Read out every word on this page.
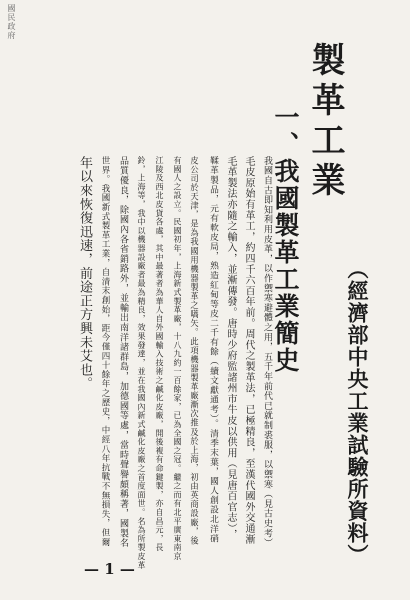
國民政府
製革工業
一、我國製革工業簡史
（經濟部中央工業試驗所資料）
我國自古即知利用皮革，以作禦寒避體之用，五千年前代已就制裘服，以禦寒（見古史考）
毛皮原始有革工，約四千六百年前。周代之製革法，已極精良，至漢代國外交通漸
毛革製法亦隨之輸入，並漸傳發。唐時少府監諸州市牛皮以供用（見唐百官志），
鞣革製品，元有軟皮局，熟造紅甸等皮二千有餘（續文獻通考）。清季末葉，國人創設北洋硝
皮公司於天津，是為我國用機器製革之嚆矢。此項機器製革廠漸次推及於上海，初由英商設廠，後
有國人之設立。民國初年，上海新式製革廠，十八九約一百餘家，已為全國之冠。繼之而有北平廣東南京
江陵及西北皮貨各處，其中最著者為華人自外國輸入技術之鹹化皮廠，開後複有命鍵製，亦自昌元，長
鈴，上海等，我中以機器設廠者最為精良，效果發達，並在我國內新式鹹化皮廠之首度面世。名為所製皮革
品質優良，除國內各省銷路外，並輸出南洋諸群島，加德國等處，當時聲譽頗稱著，國製名
世界。我國新式製革工業，自清末創始，距今僅四十餘年之歷史，中經八年抗戰不無損失，但爾
年以來恢復迅速，前途正方興未艾也。
— 1 —
